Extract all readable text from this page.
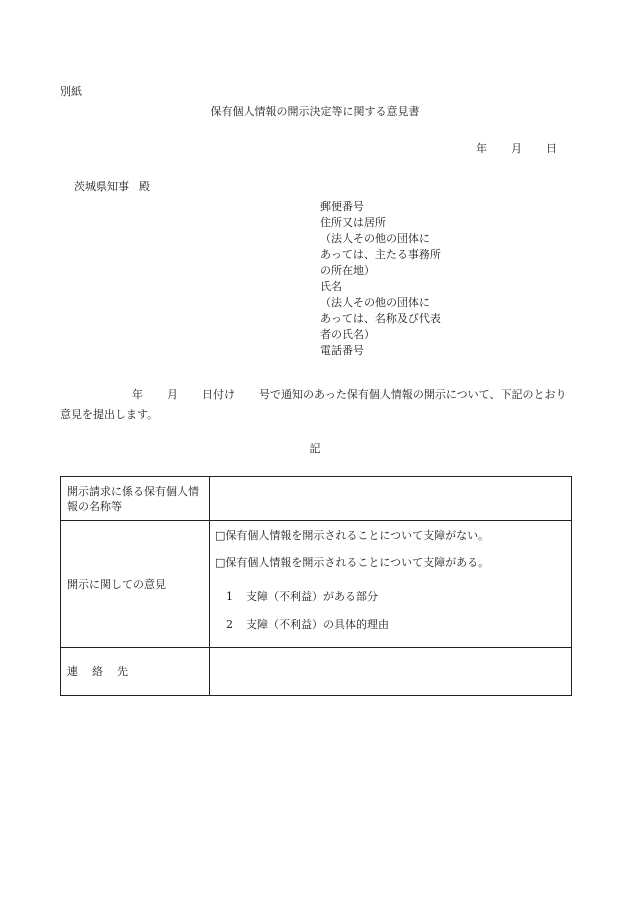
別紙
保有個人情報の開示決定等に関する意見書
年 月 日
茨城県知事 殿
郵便番号
住所又は居所
（法人その他の団体に
あっては、主たる事務所
の所在地）
氏名
（法人その他の団体に
あっては、名称及び代表
者の氏名）
電話番号
年 月 日付け 号で通知のあった保有個人情報の開示について、下記のとおり
意見を提出します。
記
開示請求に係る保有個人情報の名称等	
開示に関しての意見	□保有個人情報を開示されることについて支障がない。
□保有個人情報を開示されることについて支障がある。
1 支障（不利益）がある部分
2 支障（不利益）の具体的理由

連絡先	
